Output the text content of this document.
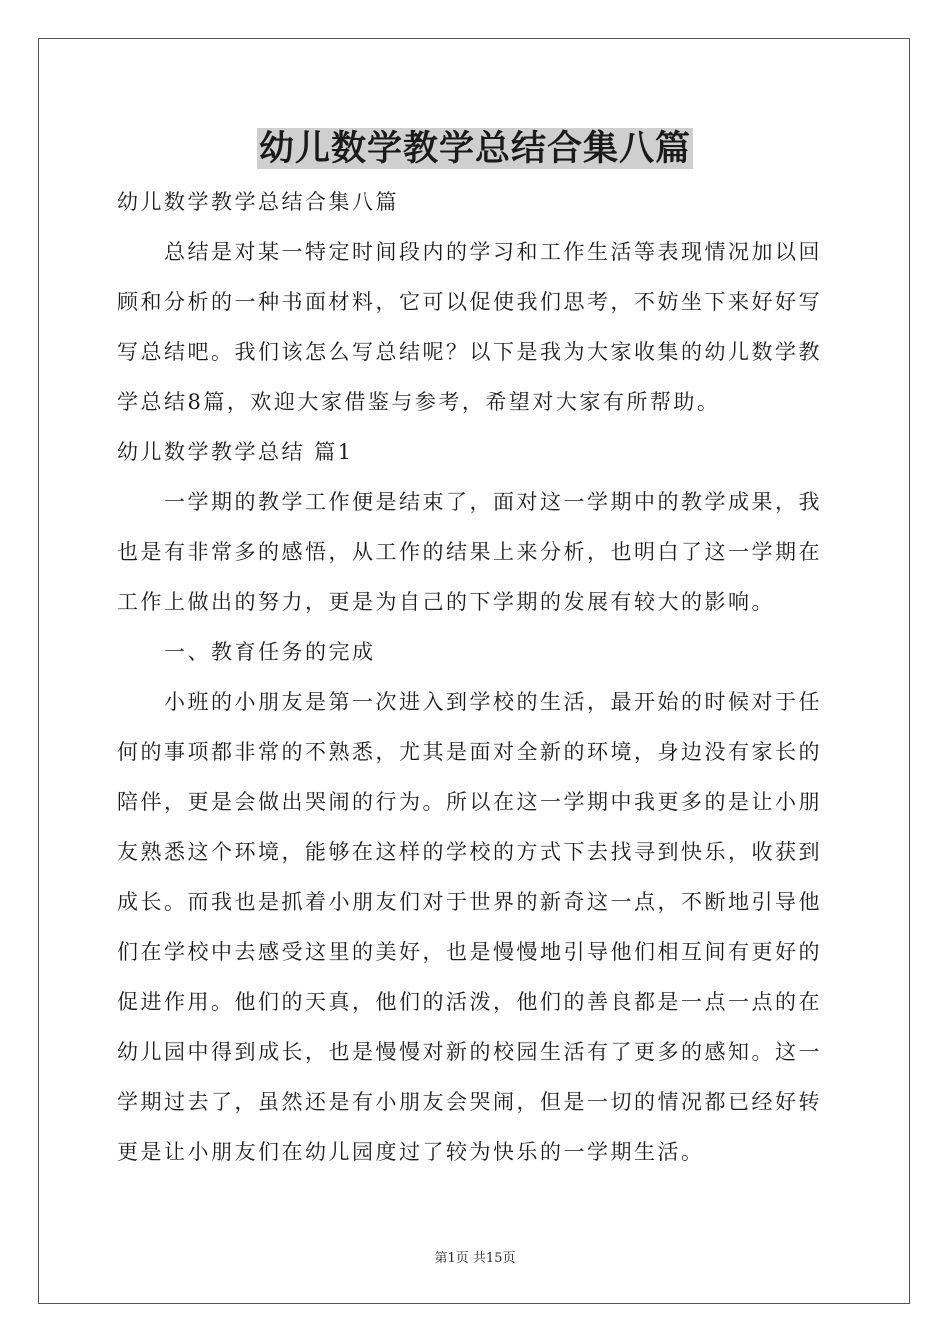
幼儿数学教学总结合集八篇

幼儿数学教学总结合集八篇

总结是对某一特定时间段内的学习和工作生活等表现情况加以回
顾和分析的一种书面材料，它可以促使我们思考，不妨坐下来好好写
写总结吧。我们该怎么写总结呢？以下是我为大家收集的幼儿数学教
学总结8篇，欢迎大家借鉴与参考，希望对大家有所帮助。

幼儿数学教学总结 篇1

一学期的教学工作便是结束了，面对这一学期中的教学成果，我
也是有非常多的感悟，从工作的结果上来分析，也明白了这一学期在
工作上做出的努力，更是为自己的下学期的发展有较大的影响。

一、教育任务的完成

小班的小朋友是第一次进入到学校的生活，最开始的时候对于任
何的事项都非常的不熟悉，尤其是面对全新的环境，身边没有家长的
陪伴，更是会做出哭闹的行为。所以在这一学期中我更多的是让小朋
友熟悉这个环境，能够在这样的学校的方式下去找寻到快乐，收获到
成长。而我也是抓着小朋友们对于世界的新奇这一点，不断地引导他
们在学校中去感受这里的美好，也是慢慢地引导他们相互间有更好的
促进作用。他们的天真，他们的活泼，他们的善良都是一点一点的在
幼儿园中得到成长，也是慢慢对新的校园生活有了更多的感知。这一
学期过去了，虽然还是有小朋友会哭闹，但是一切的情况都已经好转
更是让小朋友们在幼儿园度过了较为快乐的一学期生活。

第1页 共15页
